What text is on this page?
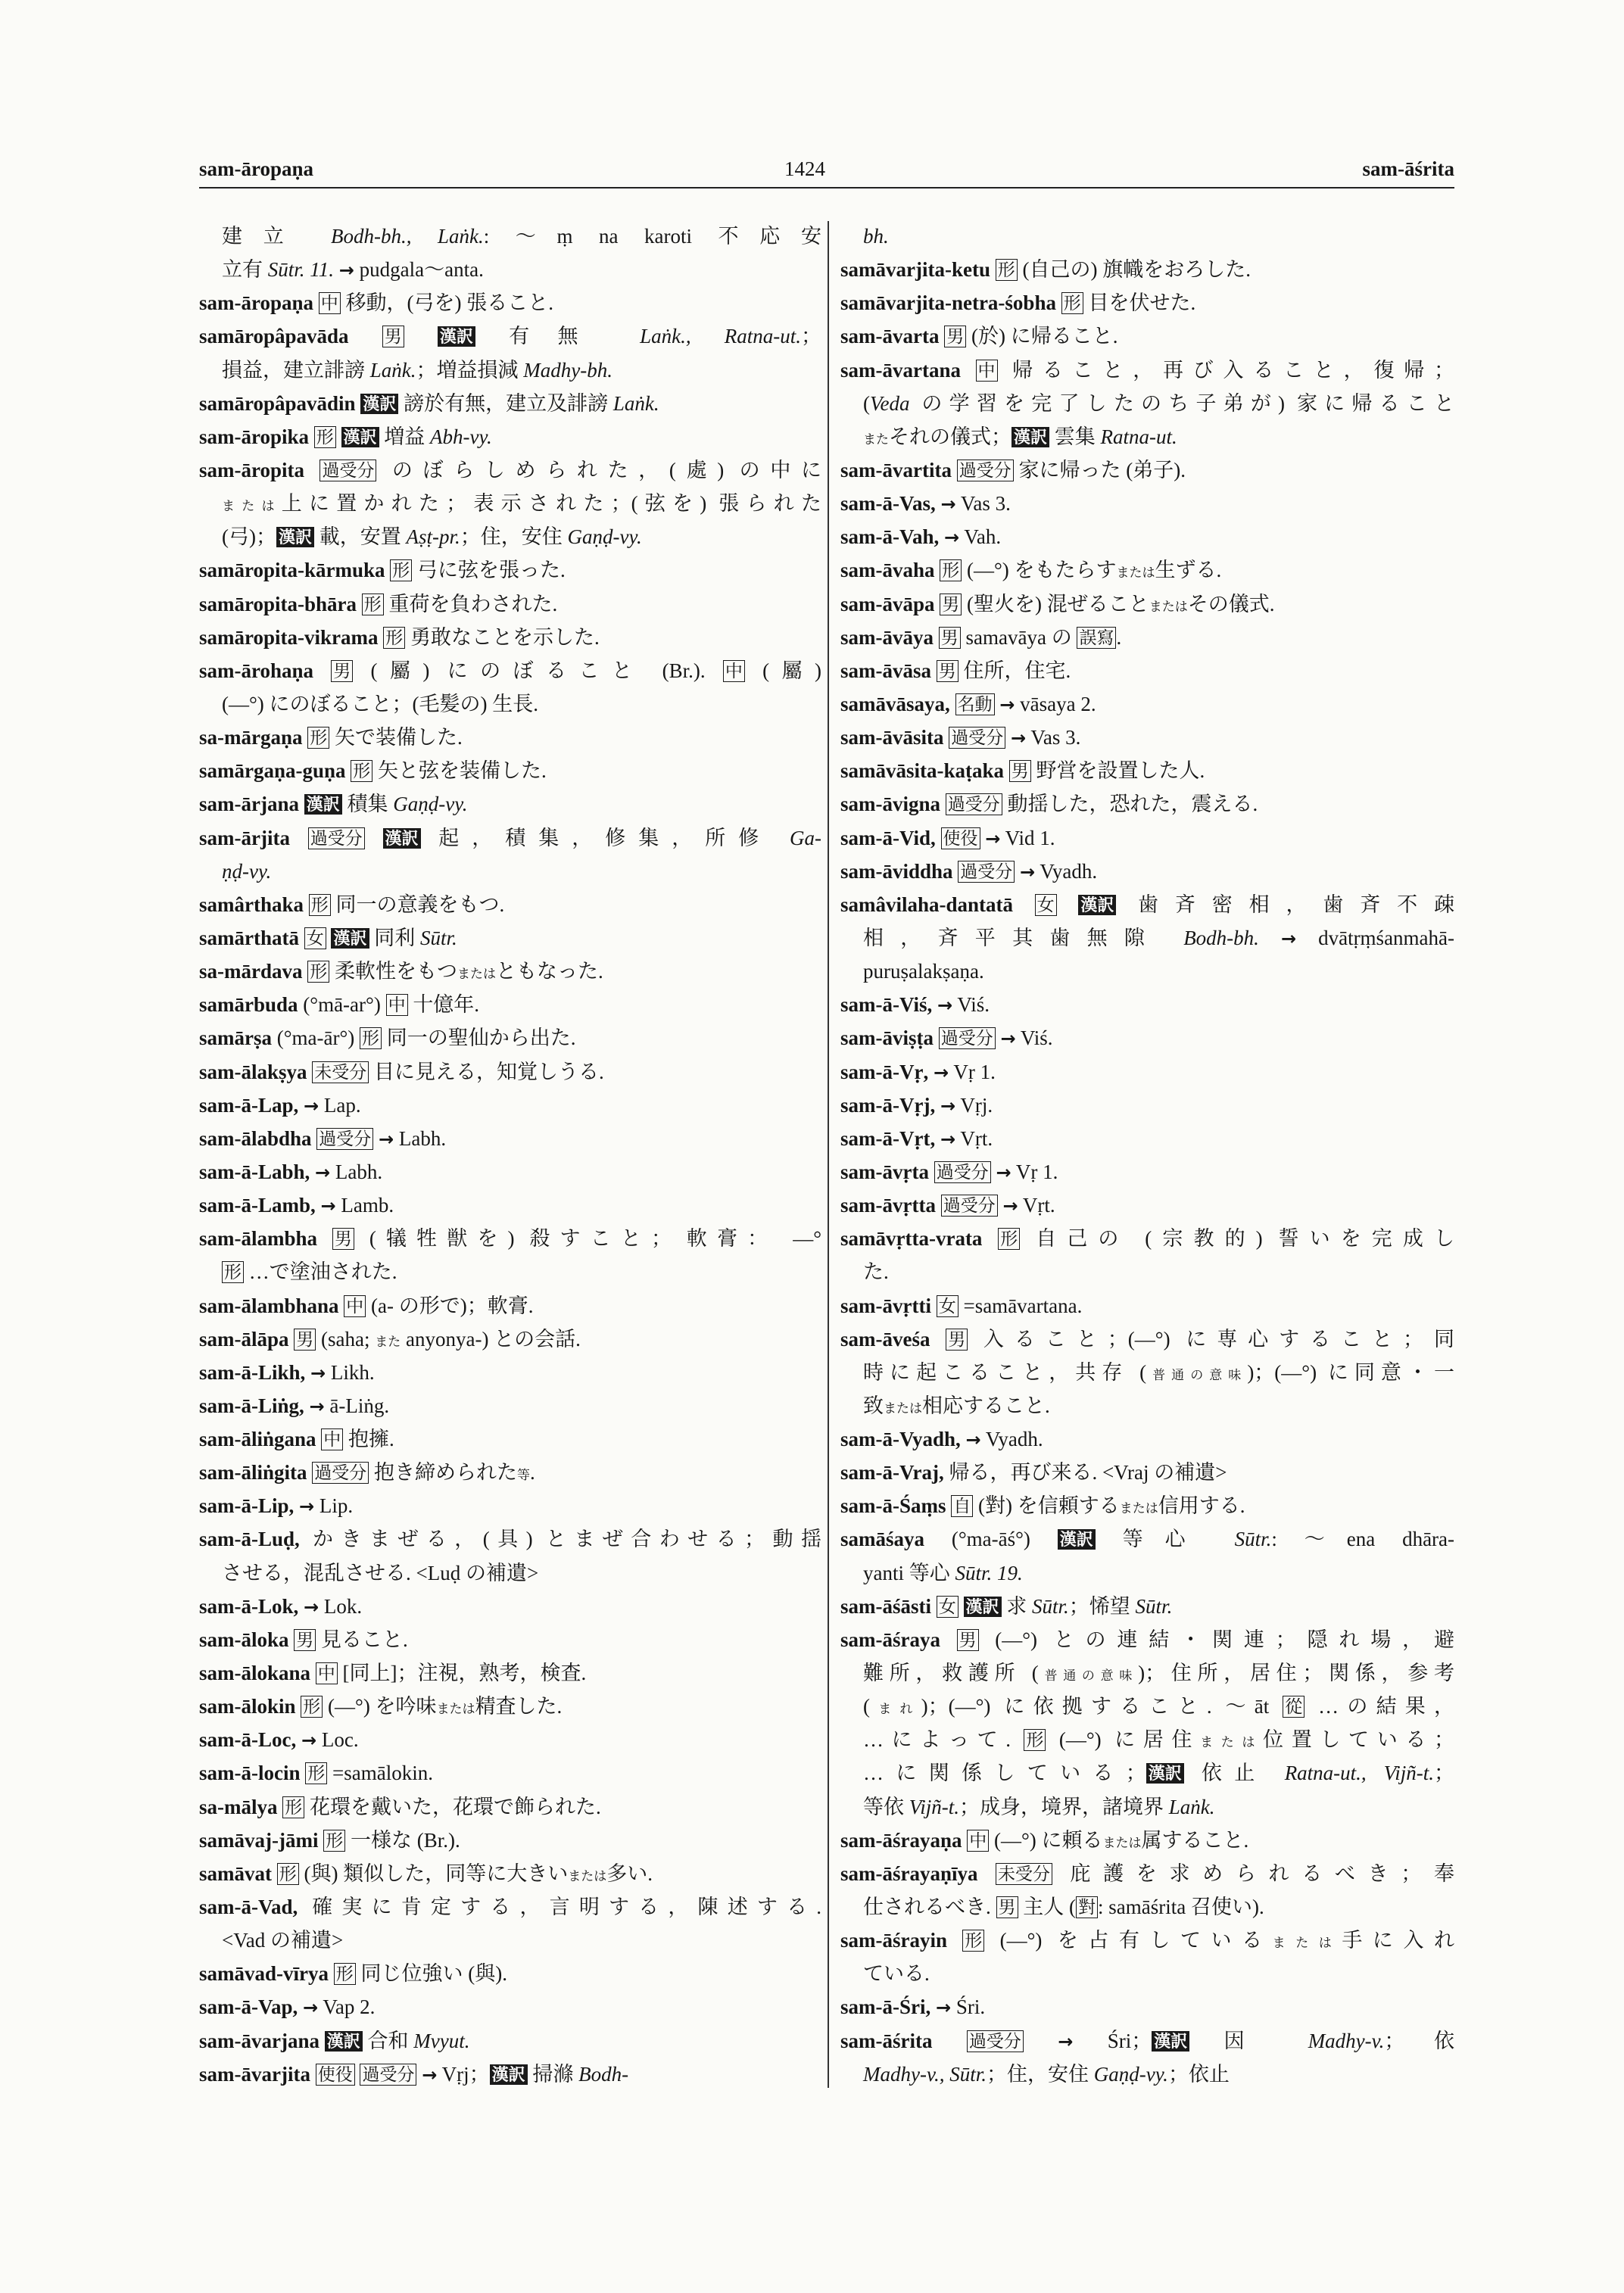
sam-āropaṇa	1424	sam-āśrita
建立 Bodh-bh., Laṅk.: ～ṃ na karoti 不応安
立有 Sūtr. 11. → pudgala～anta.
sam-āropaṇa 中 移動，(弓を) 張ること.
samāropâpavāda 男 漢訳 有無 Laṅk., Ratna-ut.；
損益，建立誹謗 Laṅk.；増益損減 Madhy-bh.
samāropâpavādin 漢訳 謗於有無，建立及誹謗 Laṅk.
sam-āropika 形 漢訳 増益 Abh-vy.
sam-āropita 過受分 のぼらしめられた，(處) の中に
または上に置かれた；表示された；(弦を) 張られた
(弓)； 漢訳 載，安置 Aṣṭ-pr.；住，安住 Gaṇḍ-vy.
samāropita-kārmuka 形 弓に弦を張った.
samāropita-bhāra 形 重荷を負わされた.
samāropita-vikrama 形 勇敢なことを示した.
sam-ārohaṇa 男 (屬) にのぼること (Br.). 中 (屬)
(—°) にのぼること；(毛髪の) 生長.
sa-mārgaṇa 形 矢で装備した.
samārgaṇa-guṇa 形 矢と弦を装備した.
sam-ārjana 漢訳 積集 Gaṇḍ-vy.
sam-ārjita 過受分 漢訳 起，積集，修集，所修 Ga-
ṇḍ-vy.
samârthaka 形 同一の意義をもつ.
samārthatā 女 漢訳 同利 Sūtr.
sa-mārdava 形 柔軟性をもつまたはともなった.
samārbuda (°mā-ar°) 中 十億年.
samārṣa (°ma-ār°) 形 同一の聖仙から出た.
sam-ālakṣya 未受分 目に見える，知覚しうる.
sam-ā-Lap, → Lap.
sam-ālabdha 過受分 → Labh.
sam-ā-Labh, → Labh.
sam-ā-Lamb, → Lamb.
sam-ālambha 男 (犠牲獣を) 殺すこと； 軟膏： —°
形 …で塗油された.
sam-ālambhana 中 (a- の形で)；軟膏.
sam-ālāpa 男 (saha; また anyonya-) との会話.
sam-ā-Likh, → Likh.
sam-ā-Liṅg, → ā-Liṅg.
sam-āliṅgana 中 抱擁.
sam-āliṅgita 過受分 抱き締められた等.
sam-ā-Lip, → Lip.
sam-ā-Luḍ, かきまぜる，(具) とまぜ合わせる；動揺
させる，混乱させる. <Luḍ の補遺>
sam-ā-Lok, → Lok.
sam-āloka 男 見ること.
sam-ālokana 中 [同上]；注視，熟考，検査.
sam-ālokin 形 (—°) を吟味または精査した.
sam-ā-Loc, → Loc.
sam-ā-locin 形 =samālokin.
sa-mālya 形 花環を戴いた，花環で飾られた.
samāvaj-jāmi 形 一様な (Br.).
samāvat 形 (與) 類似した，同等に大きいまたは多い.
sam-ā-Vad, 確実に肯定する，言明する，陳述する.
<Vad の補遺>
samāvad-vīrya 形 同じ位強い (與).
sam-ā-Vap, → Vap 2.
sam-āvarjana 漢訳 合和 Mvyut.
sam-āvarjita 使役 過受分 → Vṛj； 漢訳 掃滌 Bodh-
bh.
samāvarjita-ketu 形 (自己の) 旗幟をおろした.
samāvarjita-netra-śobha 形 目を伏せた.
sam-āvarta 男 (於) に帰ること.
sam-āvartana 中 帰ること，再び入ること，復帰；
(Veda の学習を完了したのち子弟が) 家に帰ること
またそれの儀式； 漢訳 雲集 Ratna-ut.
sam-āvartita 過受分 家に帰った (弟子).
sam-ā-Vas, → Vas 3.
sam-ā-Vah, → Vah.
sam-āvaha 形 (—°) をもたらすまたは生ずる.
sam-āvāpa 男 (聖火を) 混ぜることまたはその儀式.
sam-āvāya 男 samavāya の 誤寫 .
sam-āvāsa 男 住所，住宅.
samāvāsaya, 名動 → vāsaya 2.
sam-āvāsita 過受分 → Vas 3.
samāvāsita-kaṭaka 男 野営を設置した人.
sam-āvigna 過受分 動揺した，恐れた，震える.
sam-ā-Vid, 使役 → Vid 1.
sam-āviddha 過受分 → Vyadh.
samâvilaha-dantatā 女 漢訳 歯斉密相，歯斉不疎
相，斉平其歯無隙 Bodh-bh. → dvātṛṃśanmahā-
puruṣalakṣaṇa.
sam-ā-Viś, → Viś.
sam-āviṣṭa 過受分 → Viś.
sam-ā-Vṛ, → Vṛ 1.
sam-ā-Vṛj, → Vṛj.
sam-ā-Vṛt, → Vṛt.
sam-āvṛta 過受分 → Vṛ 1.
sam-āvṛtta 過受分 → Vṛt.
samāvṛtta-vrata 形 自己の (宗教的) 誓いを完成し
た.
sam-āvṛtti 女 =samāvartana.
sam-āveśa 男 入ること；(—°) に専心すること；同
時に起こること，共存 (普通の意味)；(—°) に同意・一
致または相応すること.
sam-ā-Vyadh, → Vyadh.
sam-ā-Vraj, 帰る，再び来る. <Vraj の補遺>
sam-ā-Śaṃs 自 (對) を信頼するまたは信用する.
samāśaya (°ma-āś°) 漢訳 等心 Sūtr.: ～ena dhāra-
yanti 等心 Sūtr. 19.
sam-āśāsti 女 漢訳 求 Sūtr.；悕望 Sūtr.
sam-āśraya 男 (—°) との連結・関連；隠れ場，避
難所，救護所 (普通の意味)；住所，居住；関係，参考
(まれ)；(—°) に依拠すること. ～āt 從 …の結果，
…によって. 形 (—°) に居住または位置している；
…に関係している； 漢訳 依止 Ratna-ut., Vijñ-t.；
等依 Vijñ-t.；成身，境界，諸境界 Laṅk.
sam-āśrayaṇa 中 (—°) に頼るまたは属すること.
sam-āśrayaṇīya 未受分 庇護を求められるべき；奉
仕されるべき. 男 主人 ( 對 : samāśrita 召使い).
sam-āśrayin 形 (—°) を占有しているまたは手に入れ
ている.
sam-ā-Śri, → Śri.
sam-āśrita 過受分 → Śri； 漢訳 因 Madhy-v.；依
Madhy-v., Sūtr.；住，安住 Gaṇḍ-vy.；依止
